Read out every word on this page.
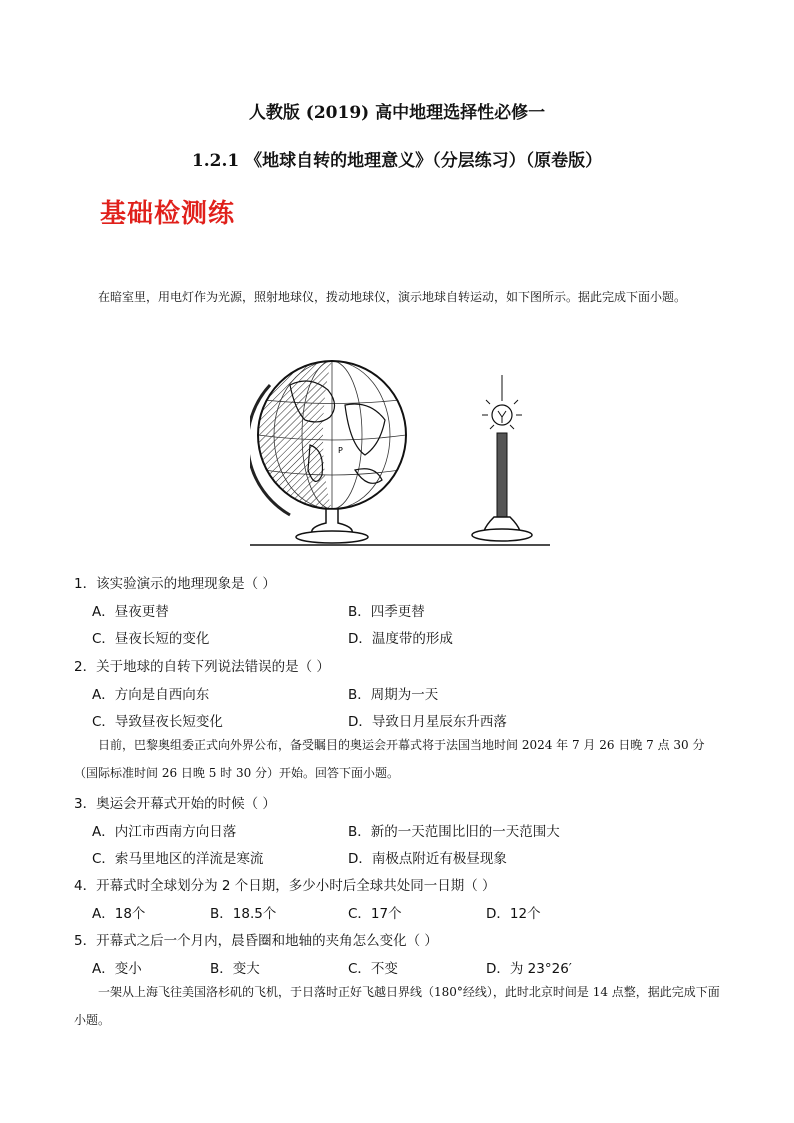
人教版 (2019) 高中地理选择性必修一
1.2.1 《地球自转的地理意义》（分层练习）（原卷版）
基础检测练
在暗室里，用电灯作为光源，照射地球仪，拨动地球仪，演示地球自转运动，如下图所示。据此完成下面小题。
P
1．该实验演示的地理现象是（ ）
A．昼夜更替	B．四季更替
C．昼夜长短的变化	D．温度带的形成
2．关于地球的自转下列说法错误的是（ ）
A．方向是自西向东	B．周期为一天
C．导致昼夜长短变化	D．导致日月星辰东升西落
日前，巴黎奥组委正式向外界公布，备受瞩目的奥运会开幕式将于法国当地时间 2024 年 7 月 26 日晚 7 点 30 分（国际标准时间 26 日晚 5 时 30 分）开始。回答下面小题。
3．奥运会开幕式开始的时候（ ）
A．内江市西南方向日落	B．新的一天范围比旧的一天范围大
C．索马里地区的洋流是寒流	D．南极点附近有极昼现象
4．开幕式时全球划分为 2 个日期，多少小时后全球共处同一日期（ ）
A．18个	B．18.5个	C．17个	D．12个
5．开幕式之后一个月内，晨昏圈和地轴的夹角怎么变化（ ）
A．变小	B．变大	C．不变	D．为 23°26′
一架从上海飞往美国洛杉矶的飞机，于日落时正好飞越日界线（180°经线），此时北京时间是 14 点整，据此完成下面小题。
